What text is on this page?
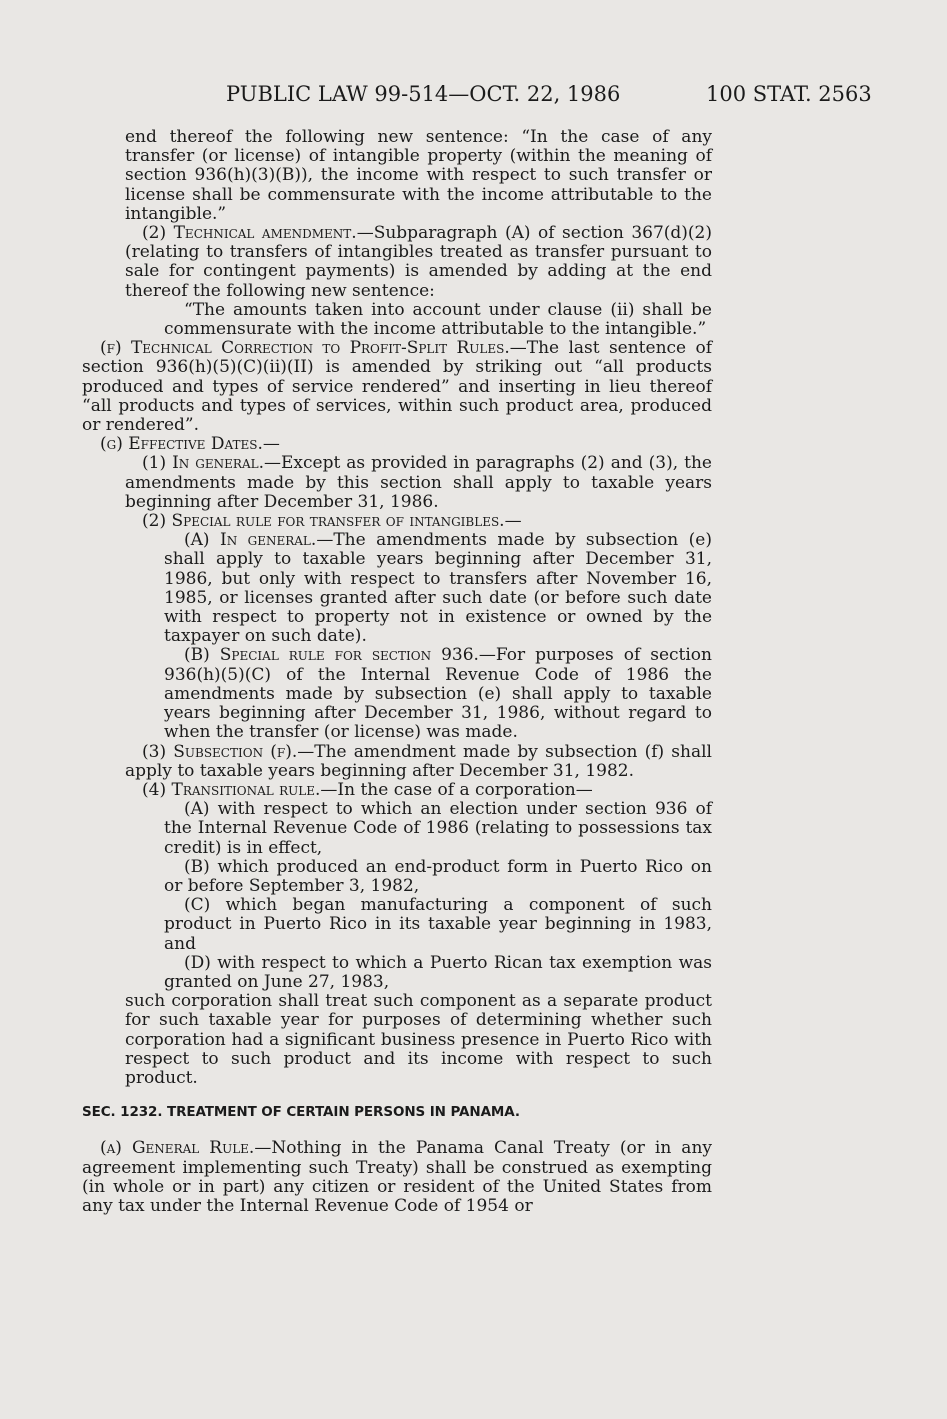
PUBLIC LAW 99-514—OCT. 22, 1986	100 STAT. 2563

end thereof the following new sentence: “In the case of any transfer (or license) of intangible property (within the meaning of section 936(h)(3)(B)), the income with respect to such transfer or license shall be commensurate with the income attributable to the intangible.”

(2) Technical amendment.—Subparagraph (A) of section 367(d)(2) (relating to transfers of intangibles treated as transfer pursuant to sale for contingent payments) is amended by adding at the end thereof the following new sentence:

“The amounts taken into account under clause (ii) shall be commensurate with the income attributable to the intangible.”

(f) Technical Correction to Profit-Split Rules.—The last sentence of section 936(h)(5)(C)(ii)(II) is amended by striking out “all products produced and types of service rendered” and inserting in lieu thereof “all products and types of services, within such product area, produced or rendered”.

(g) Effective Dates.—

(1) In general.—Except as provided in paragraphs (2) and (3), the amendments made by this section shall apply to taxable years beginning after December 31, 1986.

(2) Special rule for transfer of intangibles.—

(A) In general.—The amendments made by subsection (e) shall apply to taxable years beginning after December 31, 1986, but only with respect to transfers after November 16, 1985, or licenses granted after such date (or before such date with respect to property not in existence or owned by the taxpayer on such date).

(B) Special rule for section 936.—For purposes of section 936(h)(5)(C) of the Internal Revenue Code of 1986 the amendments made by subsection (e) shall apply to taxable years beginning after December 31, 1986, without regard to when the transfer (or license) was made.

(3) Subsection (f).—The amendment made by subsection (f) shall apply to taxable years beginning after December 31, 1982.

(4) Transitional rule.—In the case of a corporation—

(A) with respect to which an election under section 936 of the Internal Revenue Code of 1986 (relating to possessions tax credit) is in effect,

(B) which produced an end-product form in Puerto Rico on or before September 3, 1982,

(C) which began manufacturing a component of such product in Puerto Rico in its taxable year beginning in 1983, and

(D) with respect to which a Puerto Rican tax exemption was granted on June 27, 1983,

such corporation shall treat such component as a separate product for such taxable year for purposes of determining whether such corporation had a significant business presence in Puerto Rico with respect to such product and its income with respect to such product.

SEC. 1232. TREATMENT OF CERTAIN PERSONS IN PANAMA.

(a) General Rule.—Nothing in the Panama Canal Treaty (or in any agreement implementing such Treaty) shall be construed as exempting (in whole or in part) any citizen or resident of the United States from any tax under the Internal Revenue Code of 1954 or
